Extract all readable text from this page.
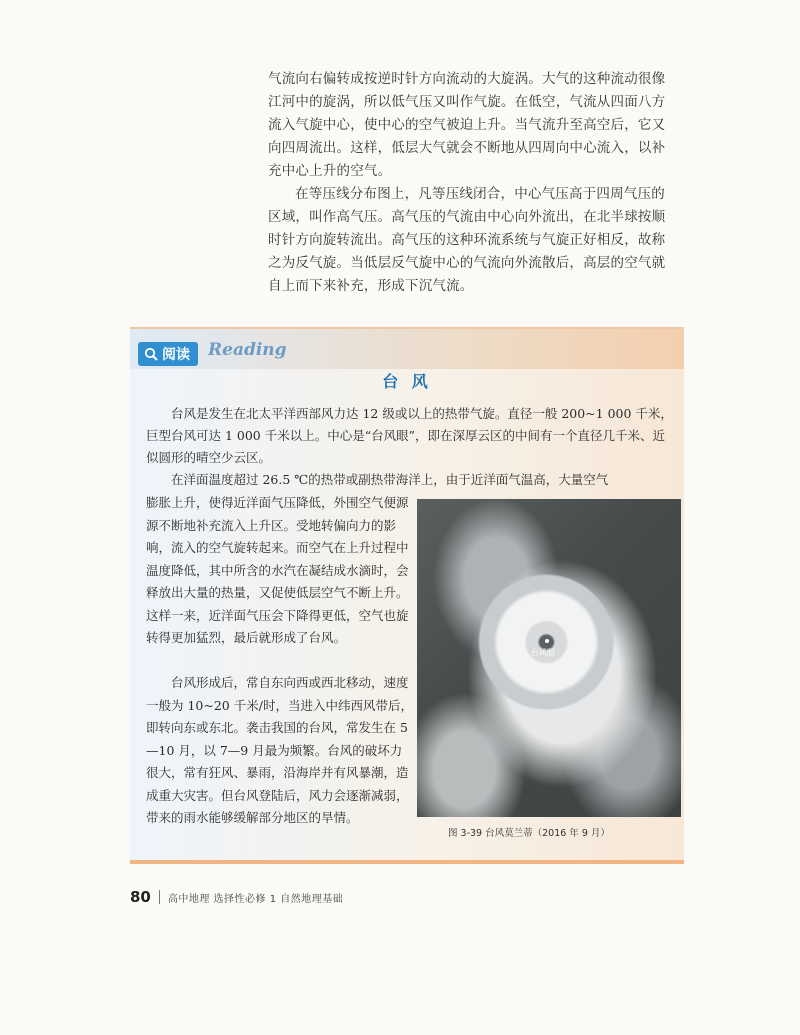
气流向右偏转成按逆时针方向流动的大旋涡。大气的这种流动很像江河中的旋涡，所以低气压又叫作气旋。在低空，气流从四面八方流入气旋中心，使中心的空气被迫上升。当气流升至高空后，它又向四周流出。这样，低层大气就会不断地从四周向中心流入，以补充中心上升的空气。

在等压线分布图上，凡等压线闭合，中心气压高于四周气压的区域，叫作高气压。高气压的气流由中心向外流出，在北半球按顺时针方向旋转流出。高气压的这种环流系统与气旋正好相反，故称之为反气旋。当低层反气旋中心的气流向外流散后，高层的空气就自上而下来补充，形成下沉气流。

阅读 Reading
台 风

台风是发生在北太平洋西部风力达 12 级或以上的热带气旋。直径一般 200~1 000 千米，巨型台风可达 1 000 千米以上。中心是“台风眼”，即在深厚云区的中间有一个直径几千米、近似圆形的晴空少云区。

在洋面温度超过 26.5 ℃的热带或副热带海洋上，由于近洋面气温高，大量空气

膨胀上升，使得近洋面气压降低，外围空气便源源不断地补充流入上升区。受地转偏向力的影响，流入的空气旋转起来。而空气在上升过程中温度降低，其中所含的水汽在凝结成水滴时，会释放出大量的热量，又促使低层空气不断上升。这样一来，近洋面气压会下降得更低，空气也旋转得更加猛烈，最后就形成了台风。

台风形成后，常自东向西或西北移动，速度一般为 10~20 千米/时，当进入中纬西风带后，即转向东或东北。袭击我国的台风，常发生在 5—10 月，以 7—9 月最为频繁。台风的破坏力很大，常有狂风、暴雨，沿海岸并有风暴潮，造成重大灾害。但台风登陆后，风力会逐渐减弱，带来的雨水能够缓解部分地区的旱情。

台风眼
图 3-39 台风莫兰蒂（2016 年 9 月）
80 高中地理 选择性必修 1 自然地理基础
